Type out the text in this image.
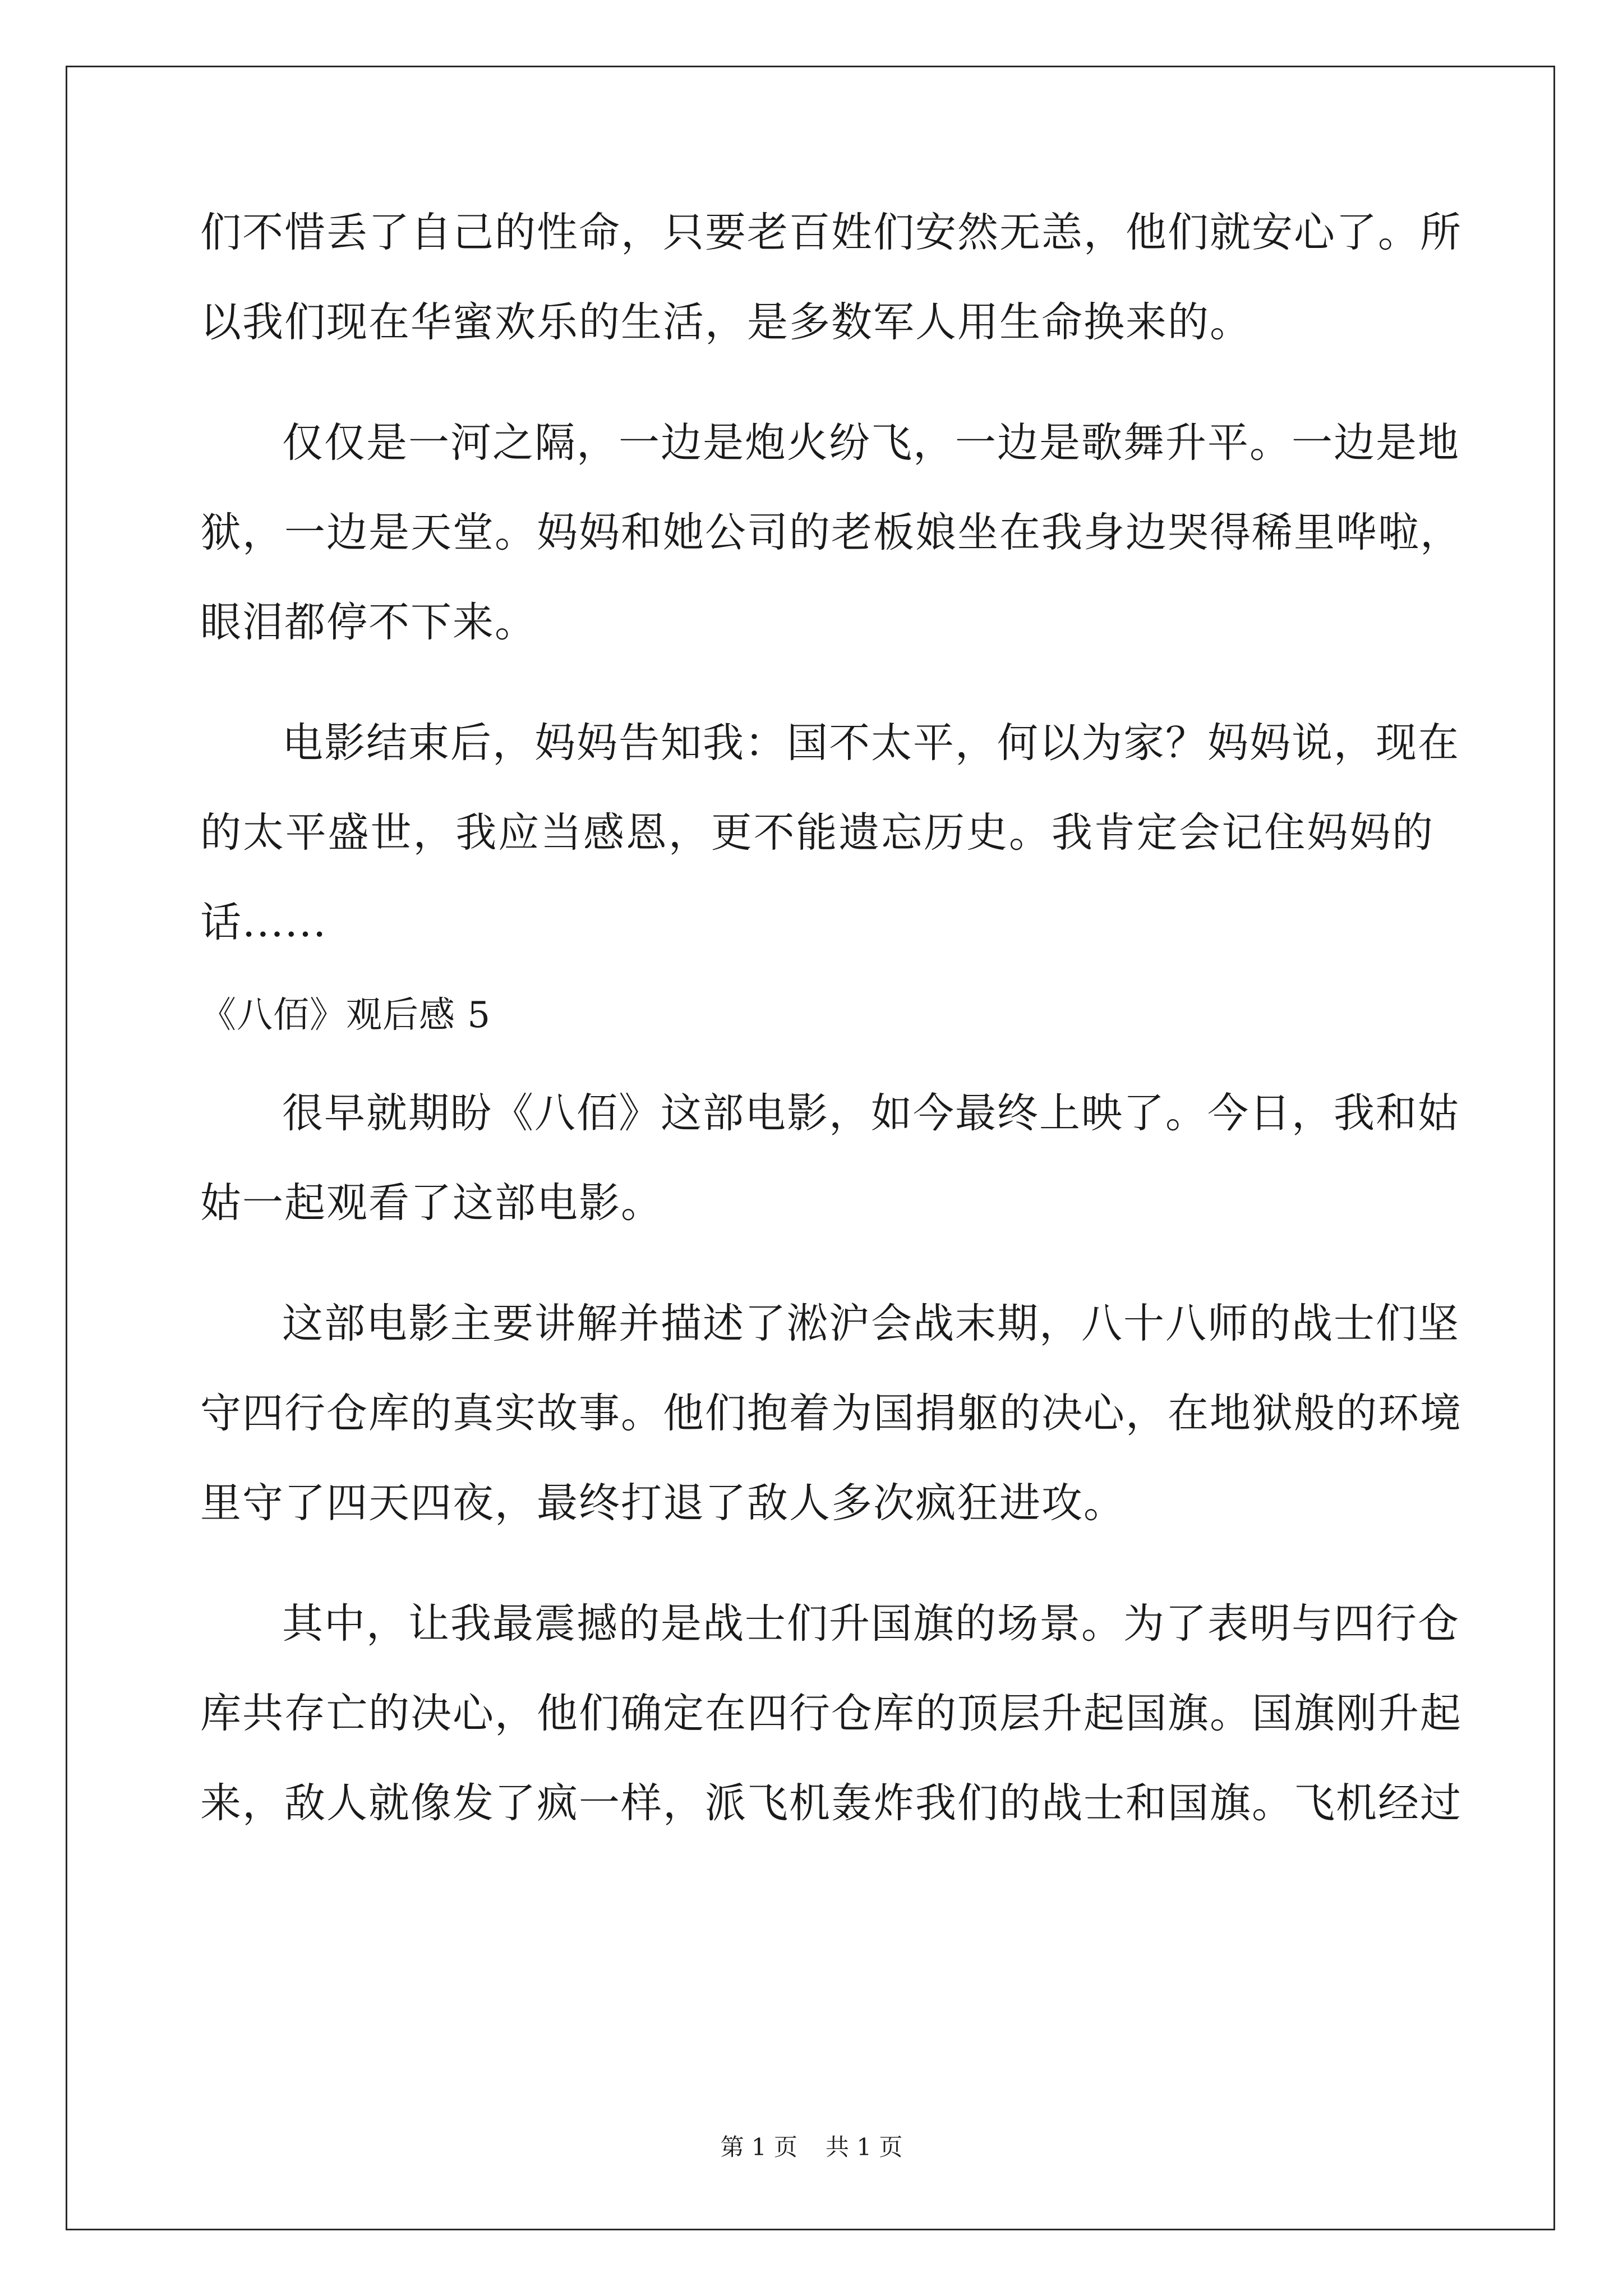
们不惜丢了自己的性命，只要老百姓们安然无恙，他们就安心了。所
以我们现在华蜜欢乐的生活，是多数军人用生命换来的。
仅仅是一河之隔，一边是炮火纷飞，一边是歌舞升平。一边是地
狱，一边是天堂。妈妈和她公司的老板娘坐在我身边哭得稀里哗啦，
眼泪都停不下来。
电影结束后，妈妈告知我：国不太平，何以为家？妈妈说，现在
的太平盛世，我应当感恩，更不能遗忘历史。我肯定会记住妈妈的
话......
《八佰》观后感 5
很早就期盼《八佰》这部电影，如今最终上映了。今日，我和姑
姑一起观看了这部电影。
这部电影主要讲解并描述了淞沪会战末期，八十八师的战士们坚
守四行仓库的真实故事。他们抱着为国捐躯的决心，在地狱般的环境
里守了四天四夜，最终打退了敌人多次疯狂进攻。
其中，让我最震撼的是战士们升国旗的场景。为了表明与四行仓
库共存亡的决心，他们确定在四行仓库的顶层升起国旗。国旗刚升起
来，敌人就像发了疯一样，派飞机轰炸我们的战士和国旗。飞机经过
第 1 页 共 1 页
